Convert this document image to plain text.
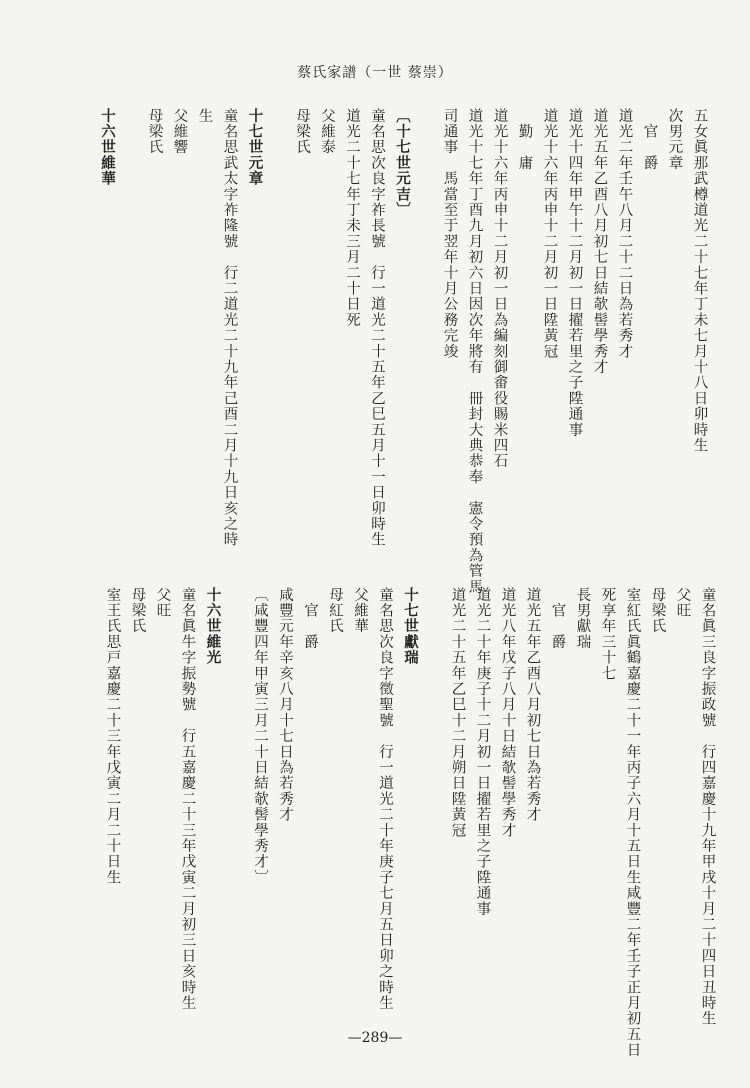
蔡氏家譜（一世 蔡崇）
五女眞那武樽道光二十七年丁未七月十八日卯時生
次男元章
　官　爵
道光二年壬午八月二十二日為若秀才
道光五年乙酉八月初七日結欹髻學秀才
道光十四年甲午十二月初一日擢若里之子陞通事
道光十六年丙申十二月初一日陞黃冠
　勤　庸
道光十六年丙申十二月初一日為編刻御畬役賜米四石
道光十七年丁酉九月初六日因次年將有　冊封大典恭奉　憲令預為管馬
司通事　馬當至于翌年十月公務完竣
〔十七世元吉〕
童名思次良字祚長號　行一道光二十五年乙巳五月十一日卯時生
道光二十七年丁未三月二十日死
父維泰
母梁氏
十七世元章
童名思武太字祚隆號　行二道光二十九年己酉二月十九日亥之時
生
父維響
母梁氏
十六世維華
童名眞三良字振政號　行四嘉慶十九年甲戌十月二十四日丑時生
父旺
母梁氏
室紅氏眞鶴嘉慶二十一年丙子六月十五日生咸豐二年壬子正月初五日
死享年三十七
長男獻瑞
　官　爵
道光五年乙酉八月初七日為若秀才
道光八年戊子八月十日結欹髻學秀才
道光二十年庚子十二月初一日擢若里之子陞通事
道光二十五年乙巳十二月朔日陞黃冠
十七世獻瑞
童名思次良字徵聖號　行一道光二十年庚子七月五日卯之時生
父維華
母紅氏
　官　爵
咸豐元年辛亥八月十七日為若秀才
〔咸豐四年甲寅三月二十日結欹髻學秀才〕
十六世維光
童名眞牛字振勢號　行五嘉慶二十三年戊寅二月初三日亥時生
父旺
母梁氏
室王氏思戸嘉慶二十三年戊寅二月二十日生
—289—
